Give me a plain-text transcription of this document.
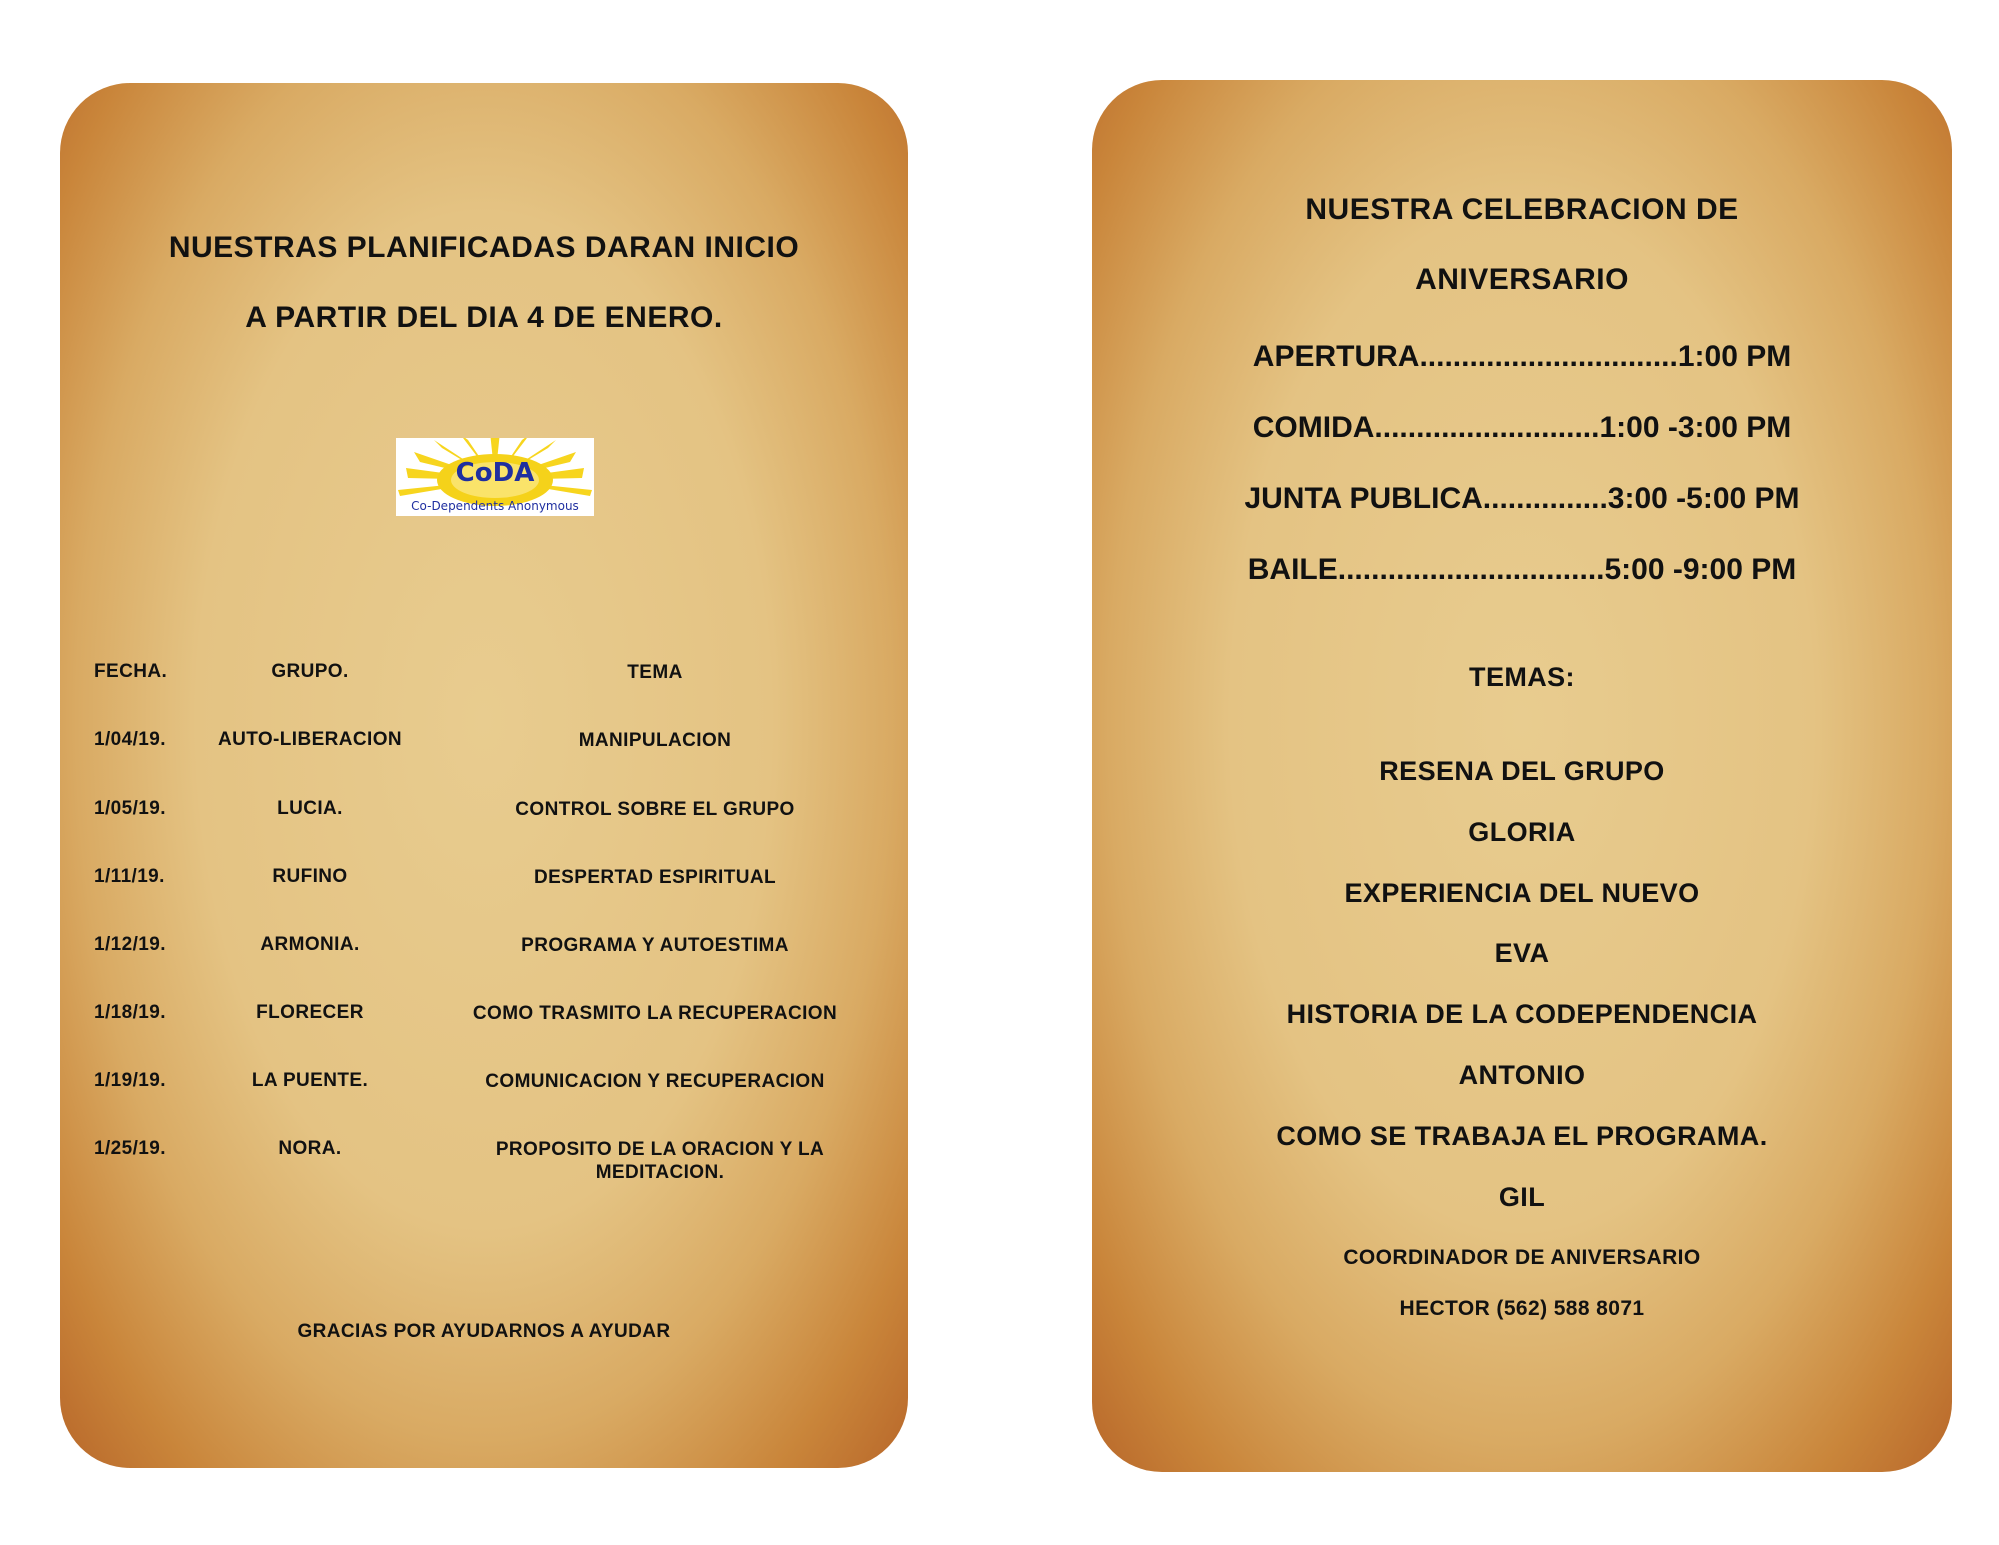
NUESTRAS PLANIFICADAS DARAN INICIO
A PARTIR DEL DIA 4 DE ENERO.
CoDA
Co-Dependents Anonymous
FECHA.	GRUPO.	TEMA
1/04/19.	AUTO-LIBERACION	MANIPULACION
1/05/19.	LUCIA.	CONTROL SOBRE EL GRUPO
1/11/19.	RUFINO	DESPERTAD ESPIRITUAL
1/12/19.	ARMONIA.	PROGRAMA Y AUTOESTIMA
1/18/19.	FLORECER	COMO TRASMITO LA RECUPERACION
1/19/19.	LA PUENTE.	COMUNICACION Y RECUPERACION
1/25/19.	NORA.	PROPOSITO DE LA ORACION Y LA MEDITACION.
GRACIAS POR AYUDARNOS A AYUDAR
NUESTRA CELEBRACION DE
ANIVERSARIO
APERTURA...............................1:00 PM
COMIDA...........................1:00 -3:00 PM
JUNTA PUBLICA...............3:00 -5:00 PM
BAILE................................5:00 -9:00 PM
TEMAS:
RESENA DEL GRUPO
GLORIA
EXPERIENCIA DEL NUEVO
EVA
HISTORIA DE LA CODEPENDENCIA
ANTONIO
COMO SE TRABAJA EL PROGRAMA.
GIL
COORDINADOR DE ANIVERSARIO
HECTOR (562) 588 8071
